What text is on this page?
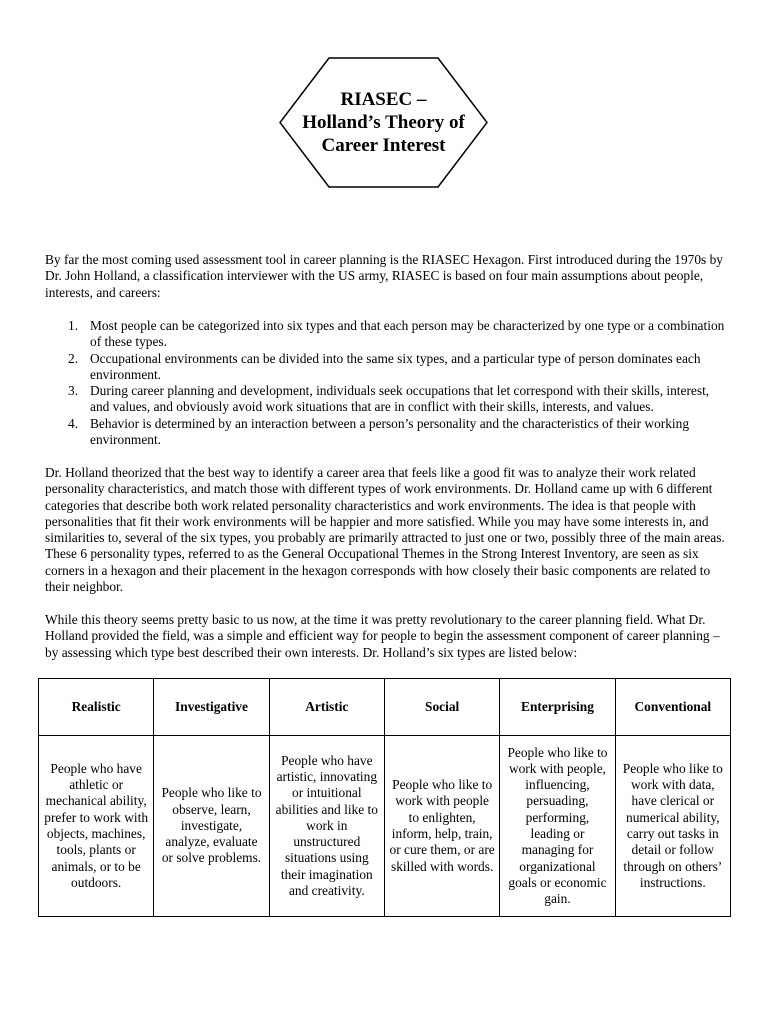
RIASEC –
Holland’s Theory of
Career Interest
By far the most coming used assessment tool in career planning is the RIASEC Hexagon. First introduced during the 1970s by Dr. John Holland, a classification interviewer with the US army, RIASEC is based on four main assumptions about people, interests, and careers:
1. Most people can be categorized into six types and that each person may be characterized by one type or a combination of these types.
2. Occupational environments can be divided into the same six types, and a particular type of person dominates each environment.
3. During career planning and development, individuals seek occupations that let correspond with their skills, interest, and values, and obviously avoid work situations that are in conflict with their skills, interests, and values.
4. Behavior is determined by an interaction between a person’s personality and the characteristics of their working environment.
Dr. Holland theorized that the best way to identify a career area that feels like a good fit was to analyze their work related personality characteristics, and match those with different types of work environments. Dr. Holland came up with 6 different categories that describe both work related personality characteristics and work environments. The idea is that people with personalities that fit their work environments will be happier and more satisfied. While you may have some interests in, and similarities to, several of the six types, you probably are primarily attracted to just one or two, possibly three of the main areas. These 6 personality types, referred to as the General Occupational Themes in the Strong Interest Inventory, are seen as six corners in a hexagon and their placement in the hexagon corresponds with how closely their basic components are related to their neighbor.
While this theory seems pretty basic to us now, at the time it was pretty revolutionary to the career planning field. What Dr. Holland provided the field, was a simple and efficient way for people to begin the assessment component of career planning – by assessing which type best described their own interests. Dr. Holland’s six types are listed below:
Realistic	Investigative	Artistic	Social	Enterprising	Conventional
People who have athletic or mechanical ability, prefer to work with objects, machines, tools, plants or animals, or to be outdoors.	People who like to observe, learn, investigate, analyze, evaluate or solve problems.	People who have artistic, innovating or intuitional abilities and like to work in unstructured situations using their imagination and creativity.	People who like to work with people to enlighten, inform, help, train, or cure them, or are skilled with words.	People who like to work with people, influencing, persuading, performing, leading or managing for organizational goals or economic gain.	People who like to work with data, have clerical or numerical ability, carry out tasks in detail or follow through on others’ instructions.
